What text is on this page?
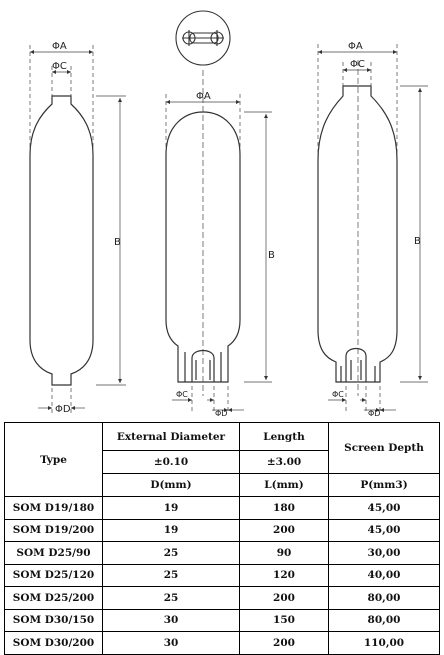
ΦA
ΦC
B
ΦD
ΦA
B
ΦC
ΦD
ΦA
ΦC
B
ΦC
ΦD
Type	External Diameter	Length	Screen Depth
	±0.10	±3.00	
	D(mm)	L(mm)	P(mm3)
SOM D19/180	19	180	45,00
SOM D19/200	19	200	45,00
SOM D25/90	25	90	30,00
SOM D25/120	25	120	40,00
SOM D25/200	25	200	80,00
SOM D30/150	30	150	80,00
SOM D30/200	30	200	110,00
